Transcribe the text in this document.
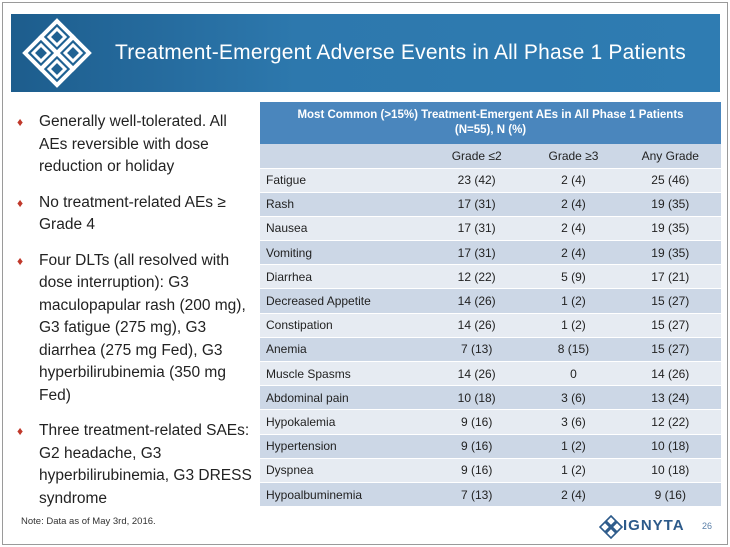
Treatment-Emergent Adverse Events in All Phase 1 Patients
♦ Generally well-tolerated. All AEs reversible with dose reduction or holiday
♦ No treatment-related AEs ≥ Grade 4
♦ Four DLTs (all resolved with dose interruption): G3 maculopapular rash (200 mg), G3 fatigue (275 mg), G3 diarrhea (275 mg Fed), G3 hyperbilirubinemia (350 mg Fed)
♦ Three treatment-related SAEs: G2 headache, G3 hyperbilirubinemia, G3 DRESS syndrome
Most Common (>15%) Treatment-Emergent AEs in All Phase 1 Patients
(N=55), N (%)			

	Grade ≤2	Grade ≥3	Any Grade
Fatigue	23 (42)	2 (4)	25 (46)
Rash	17 (31)	2 (4)	19 (35)
Nausea	17 (31)	2 (4)	19 (35)
Vomiting	17 (31)	2 (4)	19 (35)
Diarrhea	12 (22)	5 (9)	17 (21)
Decreased Appetite	14 (26)	1 (2)	15 (27)
Constipation	14 (26)	1 (2)	15 (27)
Anemia	7 (13)	8 (15)	15 (27)
Muscle Spasms	14 (26)	0	14 (26)
Abdominal pain	10 (18)	3 (6)	13 (24)
Hypokalemia	9 (16)	3 (6)	12 (22)
Hypertension	9 (16)	1 (2)	10 (18)
Dyspnea	9 (16)	1 (2)	10 (18)
Hypoalbuminemia	7 (13)	2 (4)	9 (16)
Note: Data as of May 3rd, 2016.	IGNYTA 26
